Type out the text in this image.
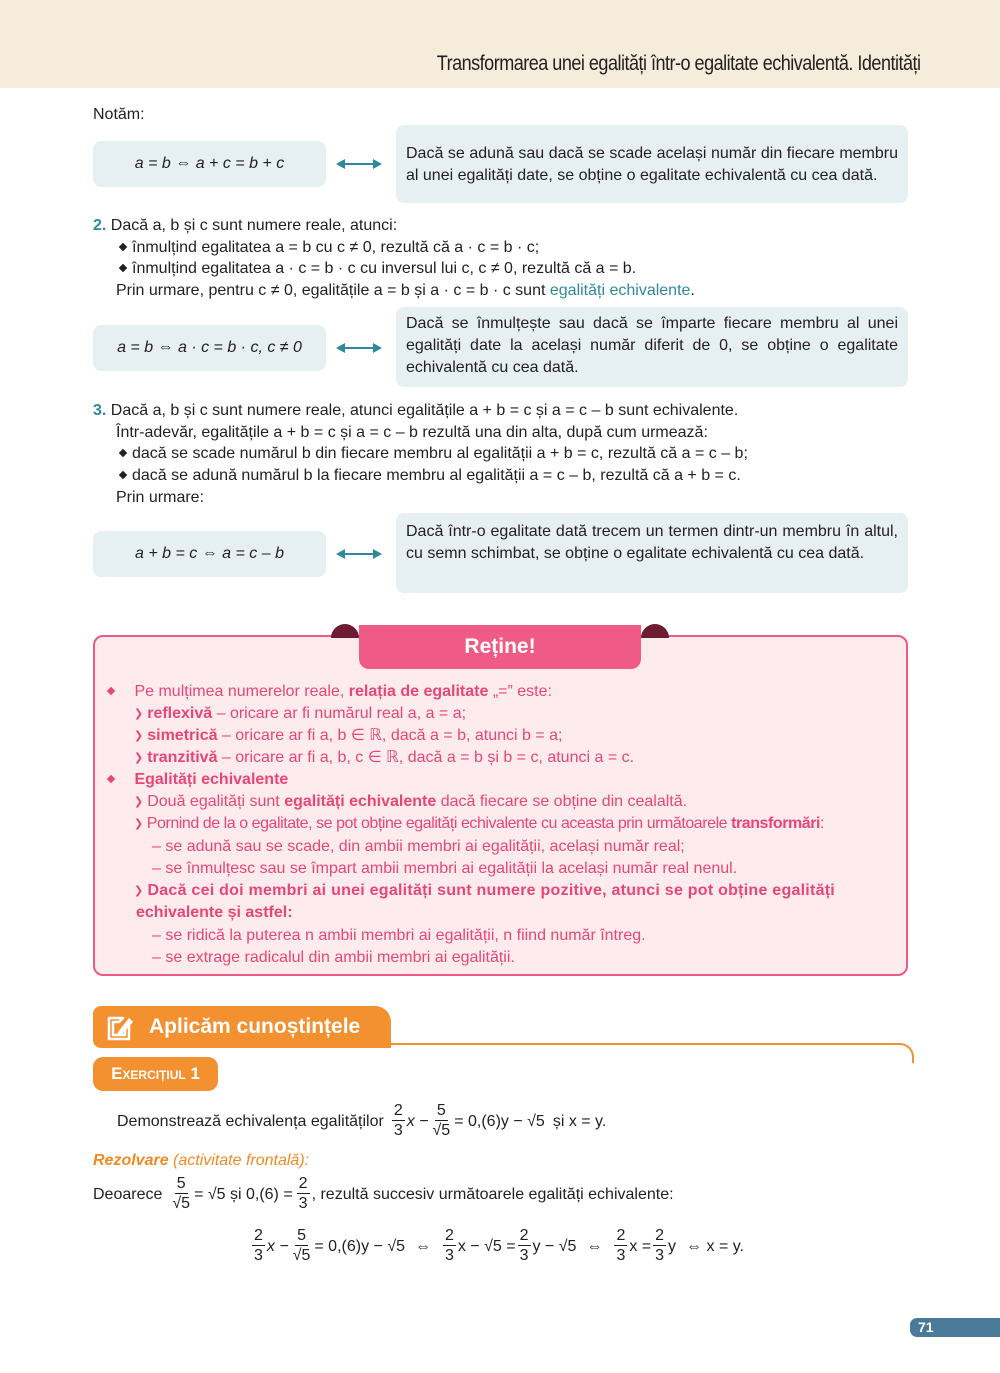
Transformarea unei egalități într-o egalitate echivalentă. Identități
Notăm:
a = b ⇔ a + c = b + c
Dacă se adună sau dacă se scade același număr din fiecare membru al unei egalități date, se obține o egalitate echivalentă cu cea dată.
2. Dacă a, b și c sunt numere reale, atunci:
înmulțind egalitatea a = b cu c ≠ 0, rezultă că a · c = b · c;
înmulțind egalitatea a · c = b · c cu inversul lui c, c ≠ 0, rezultă că a = b.
Prin urmare, pentru c ≠ 0, egalitățile a = b și a · c = b · c sunt egalități echivalente.
a = b ⇔ a · c = b · c, c ≠ 0
Dacă se înmulțește sau dacă se împarte fiecare membru al unei egalități date la același număr diferit de 0, se obține o egalitate echivalentă cu cea dată.
3. Dacă a, b și c sunt numere reale, atunci egalitățile a + b = c și a = c – b sunt echivalente.
Într-adevăr, egalitățile a + b = c și a = c – b rezultă una din alta, după cum urmează:
dacă se scade numărul b din fiecare membru al egalității a + b = c, rezultă că a = c – b;
dacă se adună numărul b la fiecare membru al egalității a = c – b, rezultă că a + b = c.
Prin urmare:
a + b = c ⇔ a = c – b
Dacă într-o egalitate dată trecem un termen dintr-un membru în altul, cu semn schimbat, se obține o egalitate echivalentă cu cea dată.
Reține!
Pe mulțimea numerelor reale, relația de egalitate „=” este:
❯ reflexivă – oricare ar fi numărul real a, a = a;
❯ simetrică – oricare ar fi a, b ∈ ℝ, dacă a = b, atunci b = a;
❯ tranzitivă – oricare ar fi a, b, c ∈ ℝ, dacă a = b și b = c, atunci a = c.
Egalități echivalente
❯ Două egalități sunt egalități echivalente dacă fiecare se obține din cealaltă.
❯ Pornind de la o egalitate, se pot obține egalități echivalente cu aceasta prin următoarele transformări:
– se adună sau se scade, din ambii membri ai egalității, același număr real;
– se înmulțesc sau se împart ambii membri ai egalității la același număr real nenul.
❯ Dacă cei doi membri ai unei egalități sunt numere pozitive, atunci se pot obține egalități
echivalente și astfel:
– se ridică la puterea n ambii membri ai egalității, n fiind număr întreg.
– se extrage radicalul din ambii membri ai egalității.
Aplicăm cunoștințele
Exercițiul 1
Demonstrează echivalența egalităților $\frac{2}{3}$ $x - \frac{5}{√5} = 0,(6)y - √5$ și x = y.
Rezolvare (activitate frontală):
Deoarece $\frac{5}{√5} = √5$ și $0,(6) = \frac{2}{3}$ , rezultă succesiv următoarele egalități echivalente:
$\frac{2}{3}$ $x - \frac{5}{√5} = 0,(6)y - √5$ ⇔ $\frac{2}{3}$ $x - √5 = \frac{2}{3}$ y − √5 ⇔ $\frac{2}{3}$ $x = \frac{2}{3}$ y ⇔ x = y.
71
